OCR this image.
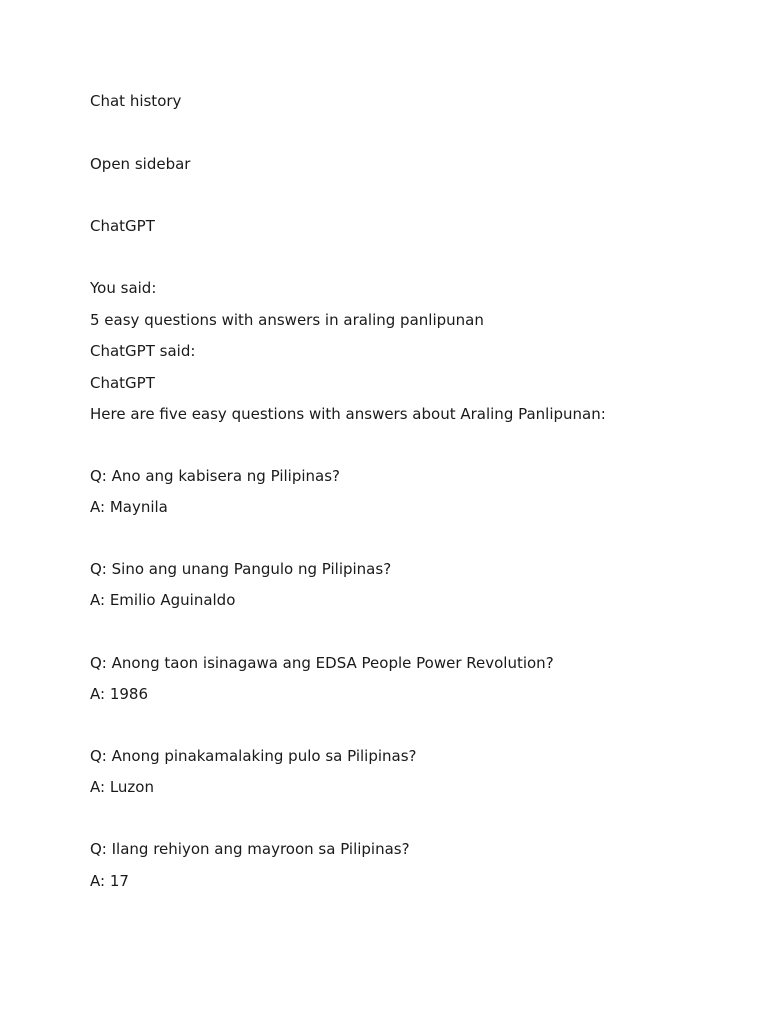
Chat history

Open sidebar

ChatGPT

You said:

5 easy questions with answers in araling panlipunan

ChatGPT said:

ChatGPT

Here are five easy questions with answers about Araling Panlipunan:

Q: Ano ang kabisera ng Pilipinas?

A: Maynila

Q: Sino ang unang Pangulo ng Pilipinas?

A: Emilio Aguinaldo

Q: Anong taon isinagawa ang EDSA People Power Revolution?

A: 1986

Q: Anong pinakamalaking pulo sa Pilipinas?

A: Luzon

Q: Ilang rehiyon ang mayroon sa Pilipinas?

A: 17
